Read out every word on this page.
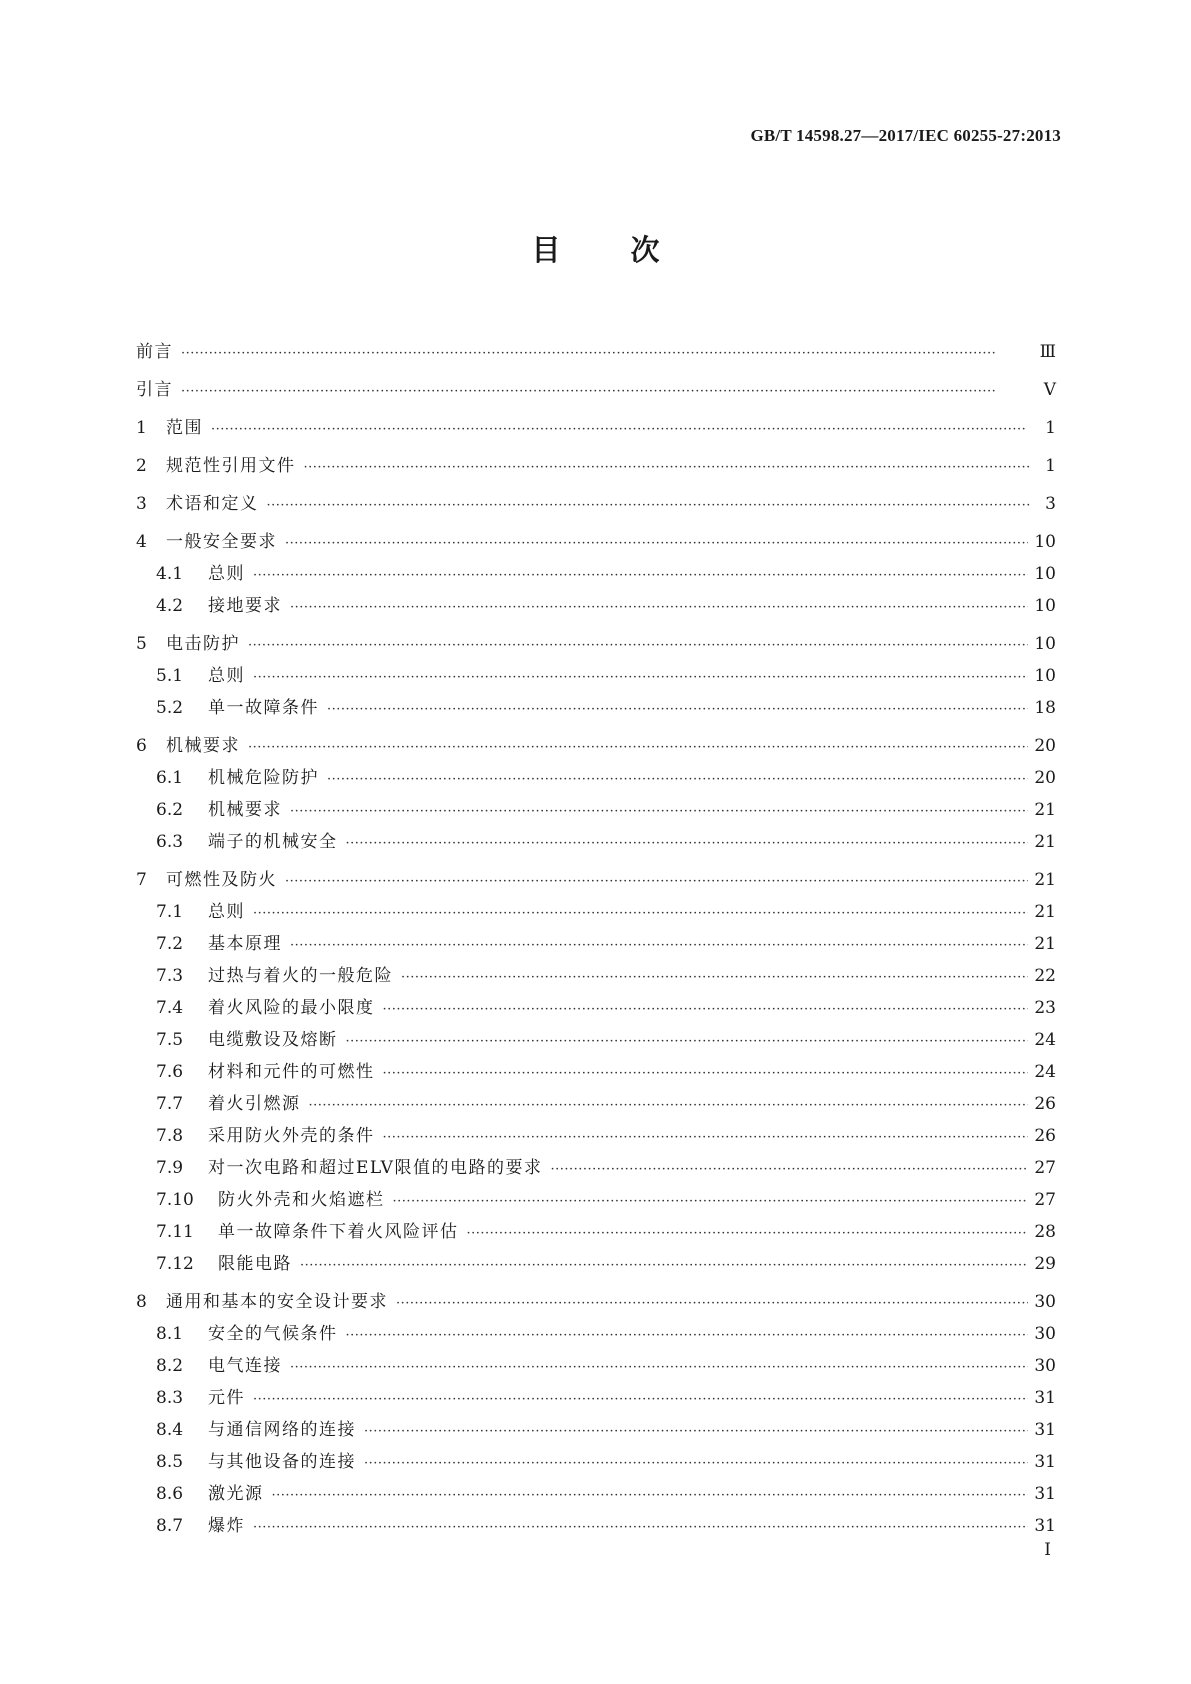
GB/T 14598.27—2017/IEC 60255-27:2013
目 次
前言 ·····	Ⅲ
引言 ·····	Ⅴ
1	范围 ·····	1
2	规范性引用文件 ·····	1
3	术语和定义 ·····	3
4	一般安全要求 ·····	10
4.1	总则 ·····	10
4.2	接地要求 ·····	10
5	电击防护 ·····	10
5.1	总则 ·····	10
5.2	单一故障条件 ·····	18
6	机械要求 ·····	20
6.1	机械危险防护 ·····	20
6.2	机械要求 ·····	21
6.3	端子的机械安全 ·····	21
7	可燃性及防火 ·····	21
7.1	总则 ·····	21
7.2	基本原理 ·····	21
7.3	过热与着火的一般危险 ·····	22
7.4	着火风险的最小限度 ·····	23
7.5	电缆敷设及熔断 ·····	24
7.6	材料和元件的可燃性 ·····	24
7.7	着火引燃源 ·····	26
7.8	采用防火外壳的条件 ·····	26
7.9	对一次电路和超过ELV限值的电路的要求 ·····	27
7.10	防火外壳和火焰遮栏 ·····	27
7.11	单一故障条件下着火风险评估 ·····	28
7.12	限能电路 ·····	29
8	通用和基本的安全设计要求 ·····	30
8.1	安全的气候条件 ·····	30
8.2	电气连接 ·····	30
8.3	元件 ·····	31
8.4	与通信网络的连接 ·····	31
8.5	与其他设备的连接 ·····	31
8.6	激光源 ·····	31
8.7	爆炸 ·····	31
I
